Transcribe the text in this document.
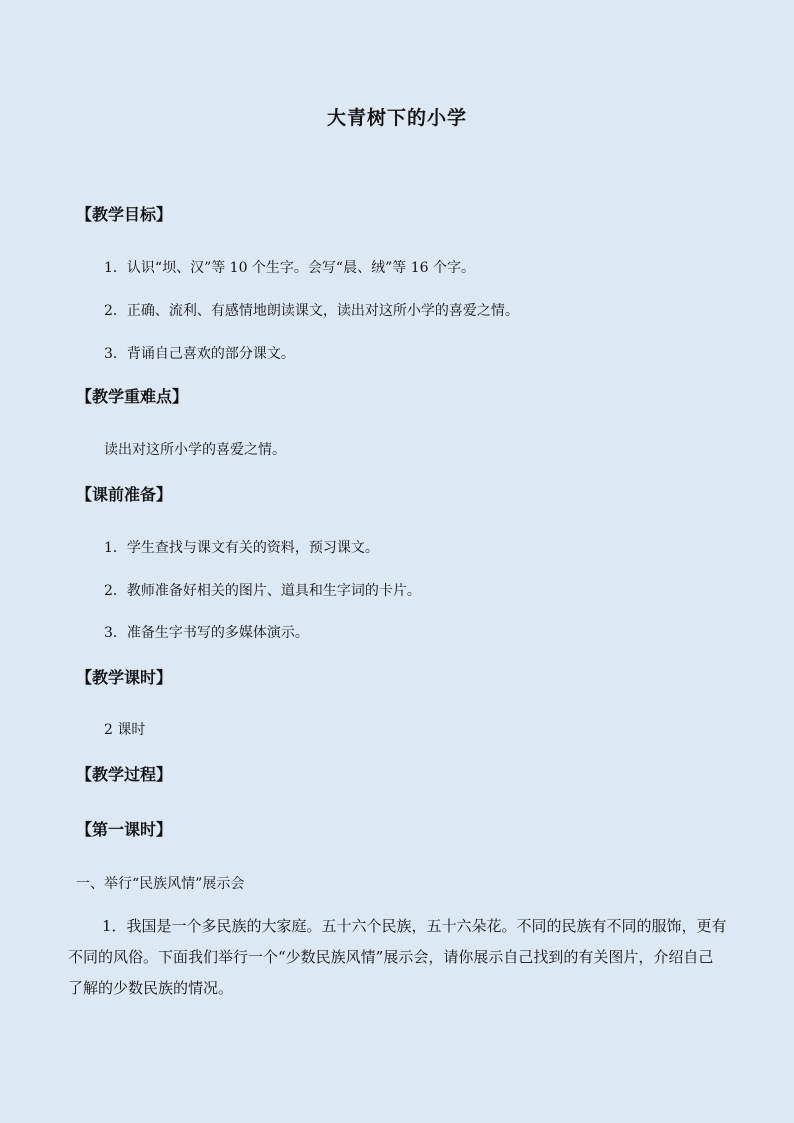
大青树下的小学
【教学目标】
1．认识“坝、汉”等 10 个生字。会写“晨、绒”等 16 个字。
2．正确、流利、有感情地朗读课文，读出对这所小学的喜爱之情。
3．背诵自己喜欢的部分课文。
【教学重难点】
读出对这所小学的喜爱之情。
【课前准备】
1．学生查找与课文有关的资料，预习课文。
2．教师准备好相关的图片、道具和生字词的卡片。
3．准备生字书写的多媒体演示。
【教学课时】
2 课时
【教学过程】
【第一课时】
一、举行“民族风情”展示会
1．我国是一个多民族的大家庭。五十六个民族，五十六朵花。不同的民族有不同的服饰，更有不同的风俗。下面我们举行一个“少数民族风情”展示会，请你展示自己找到的有关图片，介绍自己了解的少数民族的情况。
